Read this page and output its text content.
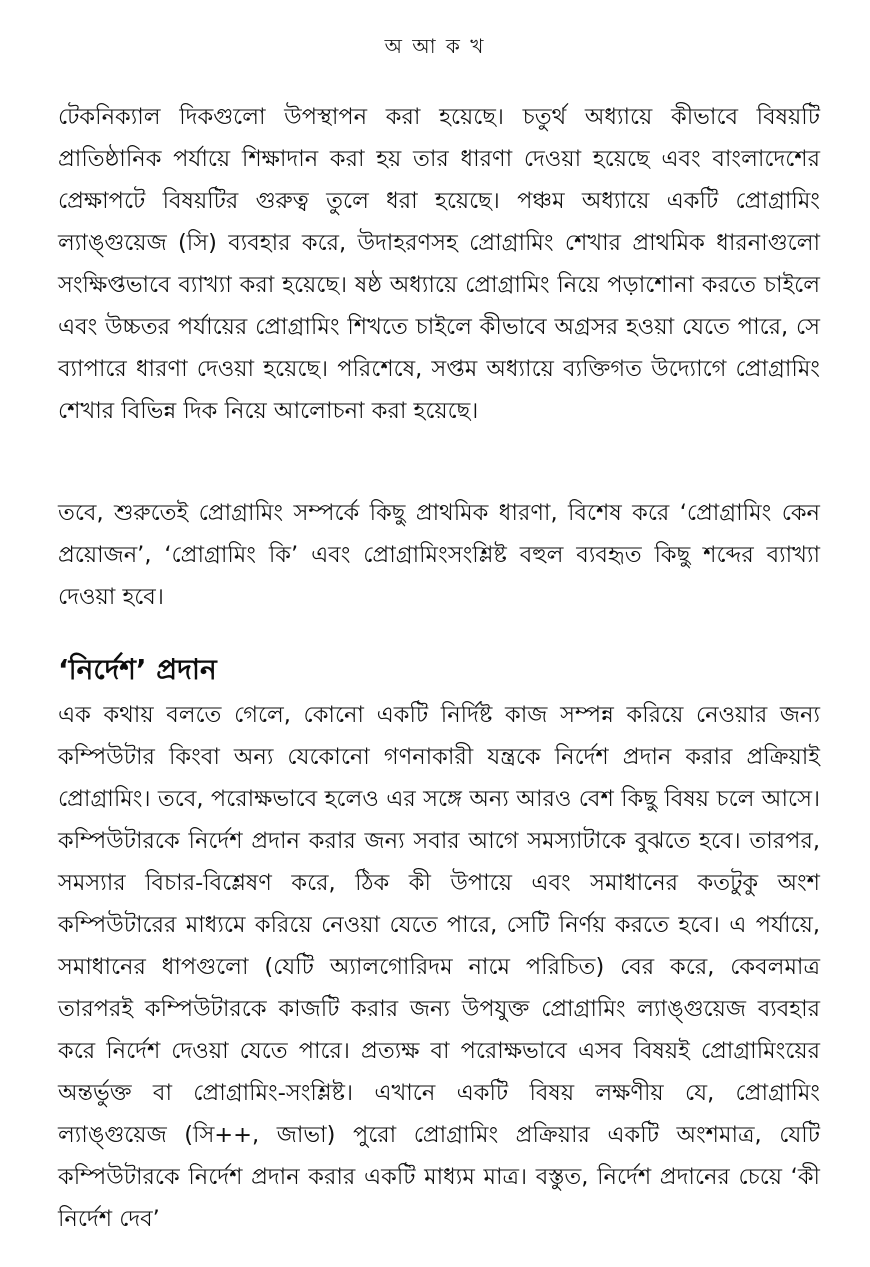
অ আ ক খ

টেকনিক্যাল দিকগুলো উপস্থাপন করা হয়েছে। চতুর্থ অধ্যায়ে কীভাবে বিষয়টি প্রাতিষ্ঠানিক পর্যায়ে শিক্ষাদান করা হয় তার ধারণা দেওয়া হয়েছে এবং বাংলাদেশের প্রেক্ষাপটে বিষয়টির গুরুত্ব তুলে ধরা হয়েছে। পঞ্চম অধ্যায়ে একটি প্রোগ্রামিং ল্যাঙ্গুয়েজ (সি) ব্যবহার করে, উদাহরণসহ প্রোগ্রামিং শেখার প্রাথমিক ধারনাগুলো সংক্ষিপ্তভাবে ব্যাখ্যা করা হয়েছে। ষষ্ঠ অধ্যায়ে প্রোগ্রামিং নিয়ে পড়াশোনা করতে চাইলে এবং উচ্চতর পর্যায়ের প্রোগ্রামিং শিখতে চাইলে কীভাবে অগ্রসর হওয়া যেতে পারে, সে ব্যাপারে ধারণা দেওয়া হয়েছে। পরিশেষে, সপ্তম অধ্যায়ে ব্যক্তিগত উদ্যোগে প্রোগ্রামিং শেখার বিভিন্ন দিক নিয়ে আলোচনা করা হয়েছে।

তবে, শুরুতেই প্রোগ্রামিং সম্পর্কে কিছু প্রাথমিক ধারণা, বিশেষ করে ‘প্রোগ্রামিং কেন প্রয়োজন’, ‘প্রোগ্রামিং কি’ এবং প্রোগ্রামিংসংশ্লিষ্ট বহুল ব্যবহৃত কিছু শব্দের ব্যাখ্যা দেওয়া হবে।

‘নির্দেশ’ প্রদান

এক কথায় বলতে গেলে, কোনো একটি নির্দিষ্ট কাজ সম্পন্ন করিয়ে নেওয়ার জন্য কম্পিউটার কিংবা অন্য যেকোনো গণনাকারী যন্ত্রকে নির্দেশ প্রদান করার প্রক্রিয়াই প্রোগ্রামিং। তবে, পরোক্ষভাবে হলেও এর সঙ্গে অন্য আরও বেশ কিছু বিষয় চলে আসে। কম্পিউটারকে নির্দেশ প্রদান করার জন্য সবার আগে সমস্যাটাকে বুঝতে হবে। তারপর, সমস্যার বিচার-বিশ্লেষণ করে, ঠিক কী উপায়ে এবং সমাধানের কতটুকু অংশ কম্পিউটারের মাধ্যমে করিয়ে নেওয়া যেতে পারে, সেটি নির্ণয় করতে হবে। এ পর্যায়ে, সমাধানের ধাপগুলো (যেটি অ্যালগোরিদম নামে পরিচিত) বের করে, কেবলমাত্র তারপরই কম্পিউটারকে কাজটি করার জন্য উপযুক্ত প্রোগ্রামিং ল্যাঙ্গুয়েজ ব্যবহার করে নির্দেশ দেওয়া যেতে পারে। প্রত্যক্ষ বা পরোক্ষভাবে এসব বিষয়ই প্রোগ্রামিংয়ের অন্তর্ভুক্ত বা প্রোগ্রামিং-সংশ্লিষ্ট। এখানে একটি বিষয় লক্ষণীয় যে, প্রোগ্রামিং ল্যাঙ্গুয়েজ (সি++, জাভা) পুরো প্রোগ্রামিং প্রক্রিয়ার একটি অংশমাত্র, যেটি কম্পিউটারকে নির্দেশ প্রদান করার একটি মাধ্যম মাত্র। বস্তুত, নির্দেশ প্রদানের চেয়ে ‘কী নির্দেশ দেব’
